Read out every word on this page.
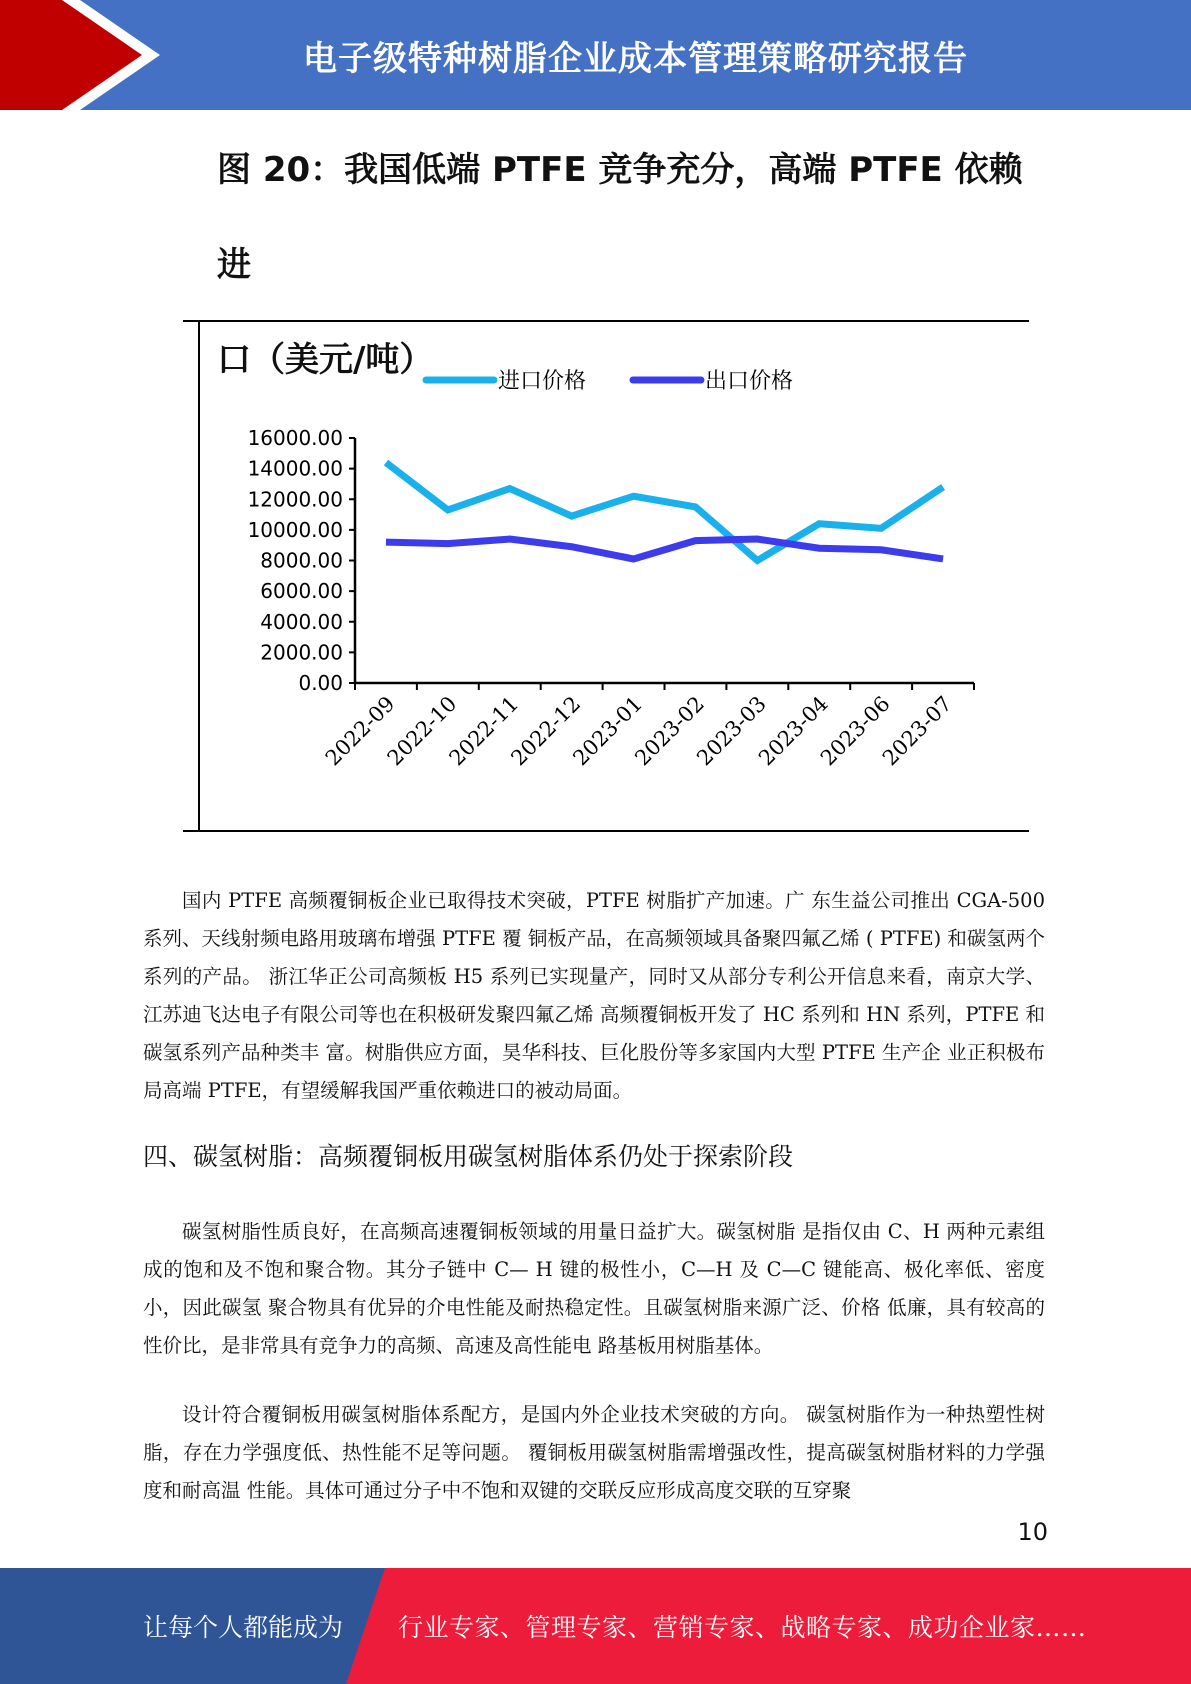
电子级特种树脂企业成本管理策略研究报告
图 20：我国低端 PTFE 竞争充分，高端 PTFE 依赖进
口（美元/吨）
16000.00
14000.00
12000.00
10000.00
8000.00
6000.00
4000.00
2000.00
0.00
2022-09
2022-10
2022-11
2022-12
2023-01
2023-02
2023-03
2023-04
2023-06
2023-07
进口价格	出口价格

国内 PTFE 高频覆铜板企业已取得技术突破，PTFE 树脂扩产加速。广 东生益公司推出 CGA-500 系列、天线射频电路用玻璃布增强 PTFE 覆 铜板产品，在高频领域具备聚四氟乙烯 ( PTFE) 和碳氢两个系列的产品。 浙江华正公司高频板 H5 系列已实现量产，同时又从部分专利公开信息来看，南京大学、江苏迪飞达电子有限公司等也在积极研发聚四氟乙烯 高频覆铜板开发了 HC 系列和 HN 系列，PTFE 和碳氢系列产品种类丰 富。树脂供应方面，昊华科技、巨化股份等多家国内大型 PTFE 生产企 业正积极布局高端 PTFE，有望缓解我国严重依赖进口的被动局面。

四、碳氢树脂：高频覆铜板用碳氢树脂体系仍处于探索阶段

碳氢树脂性质良好，在高频高速覆铜板领域的用量日益扩大。碳氢树脂 是指仅由 C、H 两种元素组成的饱和及不饱和聚合物。其分子链中 C— H 键的极性小，C—H 及 C—C 键能高、极化率低、密度小，因此碳氢 聚合物具有优异的介电性能及耐热稳定性。且碳氢树脂来源广泛、价格 低廉，具有较高的性价比，是非常具有竞争力的高频、高速及高性能电 路基板用树脂基体。

设计符合覆铜板用碳氢树脂体系配方，是国内外企业技术突破的方向。 碳氢树脂作为一种热塑性树脂，存在力学强度低、热性能不足等问题。 覆铜板用碳氢树脂需增强改性，提高碳氢树脂材料的力学强度和耐高温 性能。具体可通过分子中不饱和双键的交联反应形成高度交联的互穿聚

10
让每个人都能成为 行业专家、管理专家、营销专家、战略专家、成功企业家……
